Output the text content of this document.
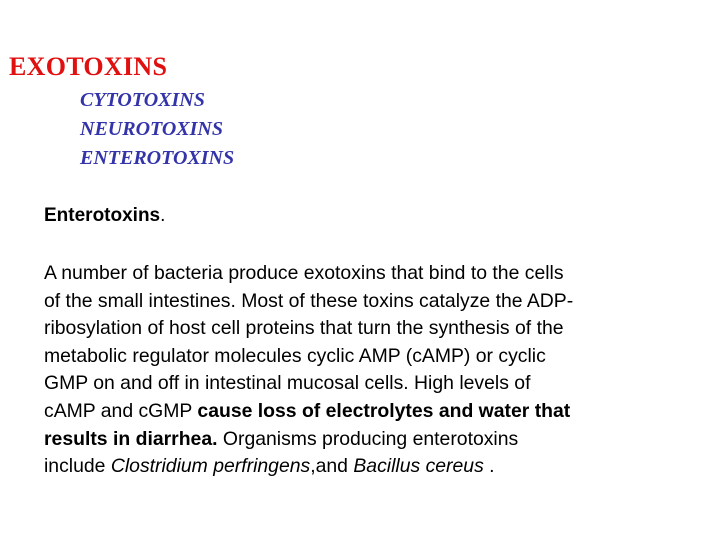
EXOTOXINS
CYTOTOXINS
NEUROTOXINS
ENTEROTOXINS
Enterotoxins.
A number of bacteria produce exotoxins that bind to the cells
of the small intestines. Most of these toxins catalyze the ADP-
ribosylation of host cell proteins that turn the synthesis of the
metabolic regulator molecules cyclic AMP (cAMP) or cyclic
GMP on and off in intestinal mucosal cells. High levels of
cAMP and cGMP cause loss of electrolytes and water that
results in diarrhea. Organisms producing enterotoxins
include Clostridium perfringens,and Bacillus cereus .
